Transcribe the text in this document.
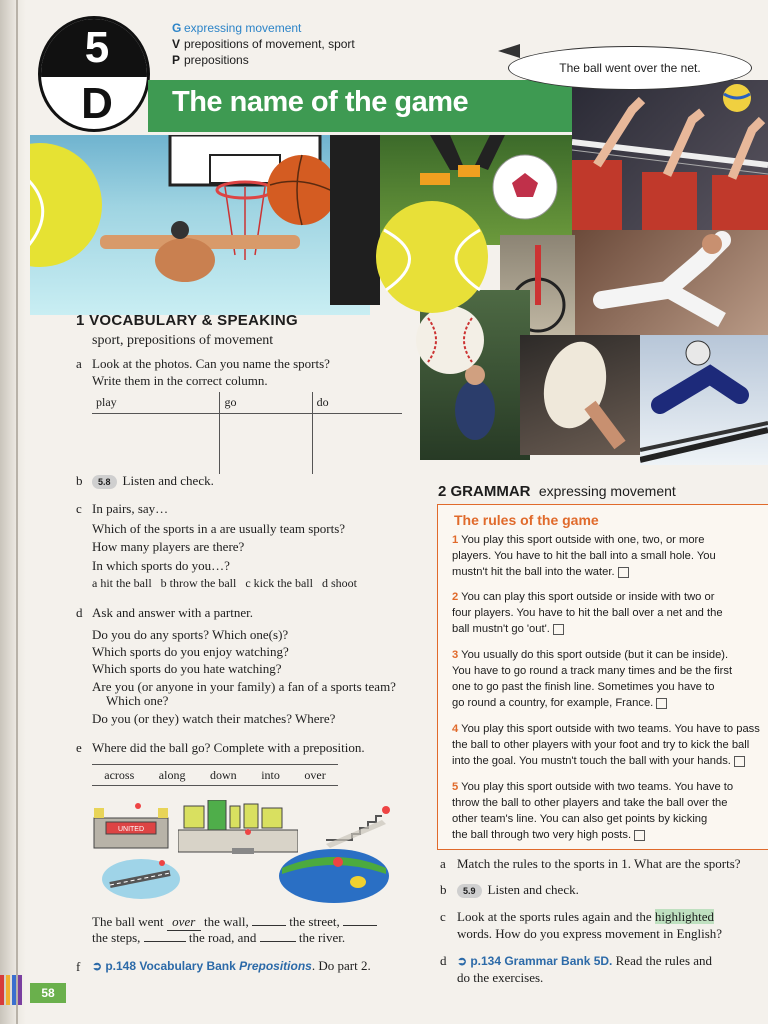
58
5
D
G expressing movement
V prepositions of movement, sport
P prepositions
The name of the game
The ball went over the net.
1 VOCABULARY & SPEAKING
sport, prepositions of movement
a Look at the photos. Can you name the sports?
Write them in the correct column.
play	go	do

b	5.8 Listen and check.
c In pairs, say…
Which of the sports in a are usually team sports?
How many players are there?
In which sports do you…?
a hit the ball b throw the ball c kick the ball d shoot
d Ask and answer with a partner.
Do you do any sports? Which one(s)?
Which sports do you enjoy watching?
Which sports do you hate watching?
Are you (or anyone in your family) a fan of a sports team?
Which one?
Do you (or they) watch their matches? Where?
e Where did the ball go? Complete with a preposition.
across along down into over
UNITED
The ball went over the wall,	the street,
the steps,	the road, and	the river.
f ➲ p.148 Vocabulary Bank Prepositions. Do part 2.
2 GRAMMAR expressing movement
The rules of the game
1 You play this sport outside with one, two, or more
players. You have to hit the ball into a small hole. You
mustn't hit the ball into the water.
2 You can play this sport outside or inside with two or
four players. You have to hit the ball over a net and the
ball mustn't go 'out'.
3 You usually do this sport outside (but it can be inside).
You have to go round a track many times and be the first
one to go past the finish line. Sometimes you have to
go round a country, for example, France.
4 You play this sport outside with two teams. You have to pass
the ball to other players with your foot and try to kick the ball
into the goal. You mustn't touch the ball with your hands.
5 You play this sport outside with two teams. You have to
throw the ball to other players and take the ball over the
other team's line. You can also get points by kicking
the ball through two very high posts.
a Match the rules to the sports in 1. What are the sports?
b	5.9 Listen and check.
c Look at the sports rules again and the highlighted
words. How do you express movement in English?
d ➲ p.134 Grammar Bank 5D. Read the rules and
do the exercises.
